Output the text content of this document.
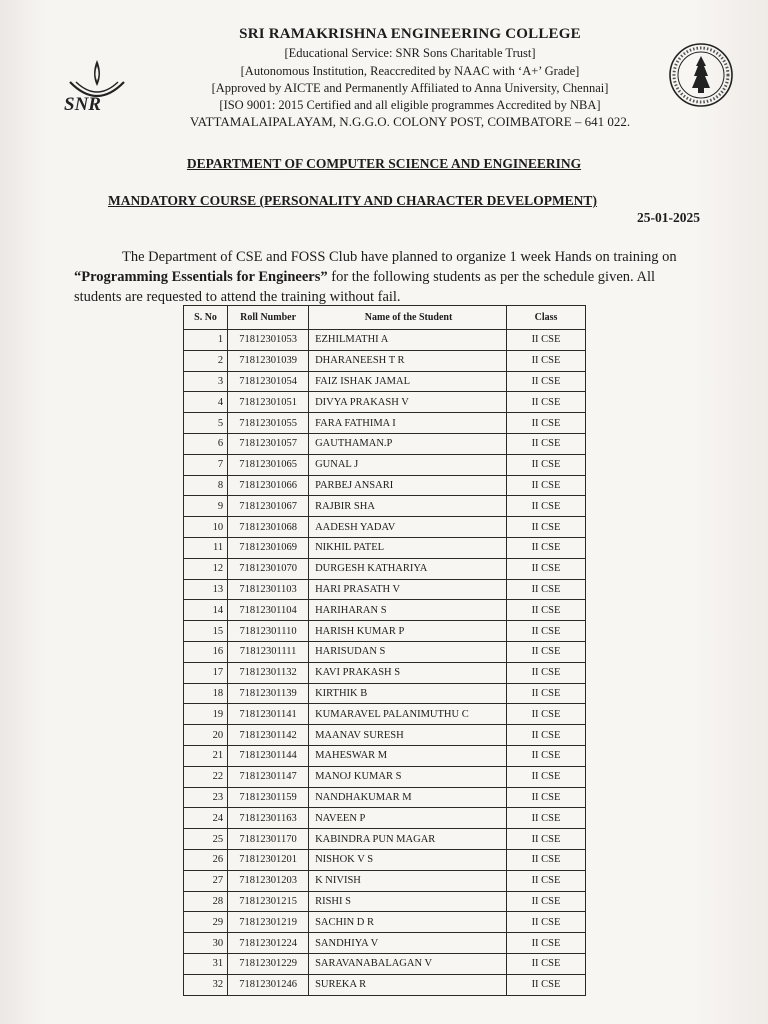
SNR
SRI RAMAKRISHNA ENGINEERING COLLEGE
[Educational Service: SNR Sons Charitable Trust]
[Autonomous Institution, Reaccredited by NAAC with ‘A+’ Grade]
[Approved by AICTE and Permanently Affiliated to Anna University, Chennai]
[ISO 9001: 2015 Certified and all eligible programmes Accredited by NBA]
VATTAMALAIPALAYAM, N.G.G.O. COLONY POST, COIMBATORE – 641 022.
DEPARTMENT OF COMPUTER SCIENCE AND ENGINEERING
MANDATORY COURSE (PERSONALITY AND CHARACTER DEVELOPMENT)
25-01-2025
The Department of CSE and FOSS Club have planned to organize 1 week Hands on training on “Programming Essentials for Engineers” for the following students as per the schedule given. All students are requested to attend the training without fail.
S. No	Roll Number	Name of the Student	Class
1	71812301053	EZHILMATHI A	II CSE
2	71812301039	DHARANEESH T R	II CSE
3	71812301054	FAIZ ISHAK JAMAL	II CSE
4	71812301051	DIVYA PRAKASH V	II CSE
5	71812301055	FARA FATHIMA I	II CSE
6	71812301057	GAUTHAMAN.P	II CSE
7	71812301065	GUNAL J	II CSE
8	71812301066	PARBEJ ANSARI	II CSE
9	71812301067	RAJBIR SHA	II CSE
10	71812301068	AADESH YADAV	II CSE
11	71812301069	NIKHIL PATEL	II CSE
12	71812301070	DURGESH KATHARIYA	II CSE
13	71812301103	HARI PRASATH V	II CSE
14	71812301104	HARIHARAN S	II CSE
15	71812301110	HARISH KUMAR P	II CSE
16	71812301111	HARISUDAN S	II CSE
17	71812301132	KAVI PRAKASH S	II CSE
18	71812301139	KIRTHIK B	II CSE
19	71812301141	KUMARAVEL PALANIMUTHU C	II CSE
20	71812301142	MAANAV SURESH	II CSE
21	71812301144	MAHESWAR M	II CSE
22	71812301147	MANOJ KUMAR S	II CSE
23	71812301159	NANDHAKUMAR M	II CSE
24	71812301163	NAVEEN P	II CSE
25	71812301170	KABINDRA PUN MAGAR	II CSE
26	71812301201	NISHOK V S	II CSE
27	71812301203	K NIVISH	II CSE
28	71812301215	RISHI S	II CSE
29	71812301219	SACHIN D R	II CSE
30	71812301224	SANDHIYA V	II CSE
31	71812301229	SARAVANABALAGAN V	II CSE
32	71812301246	SUREKA R	II CSE
